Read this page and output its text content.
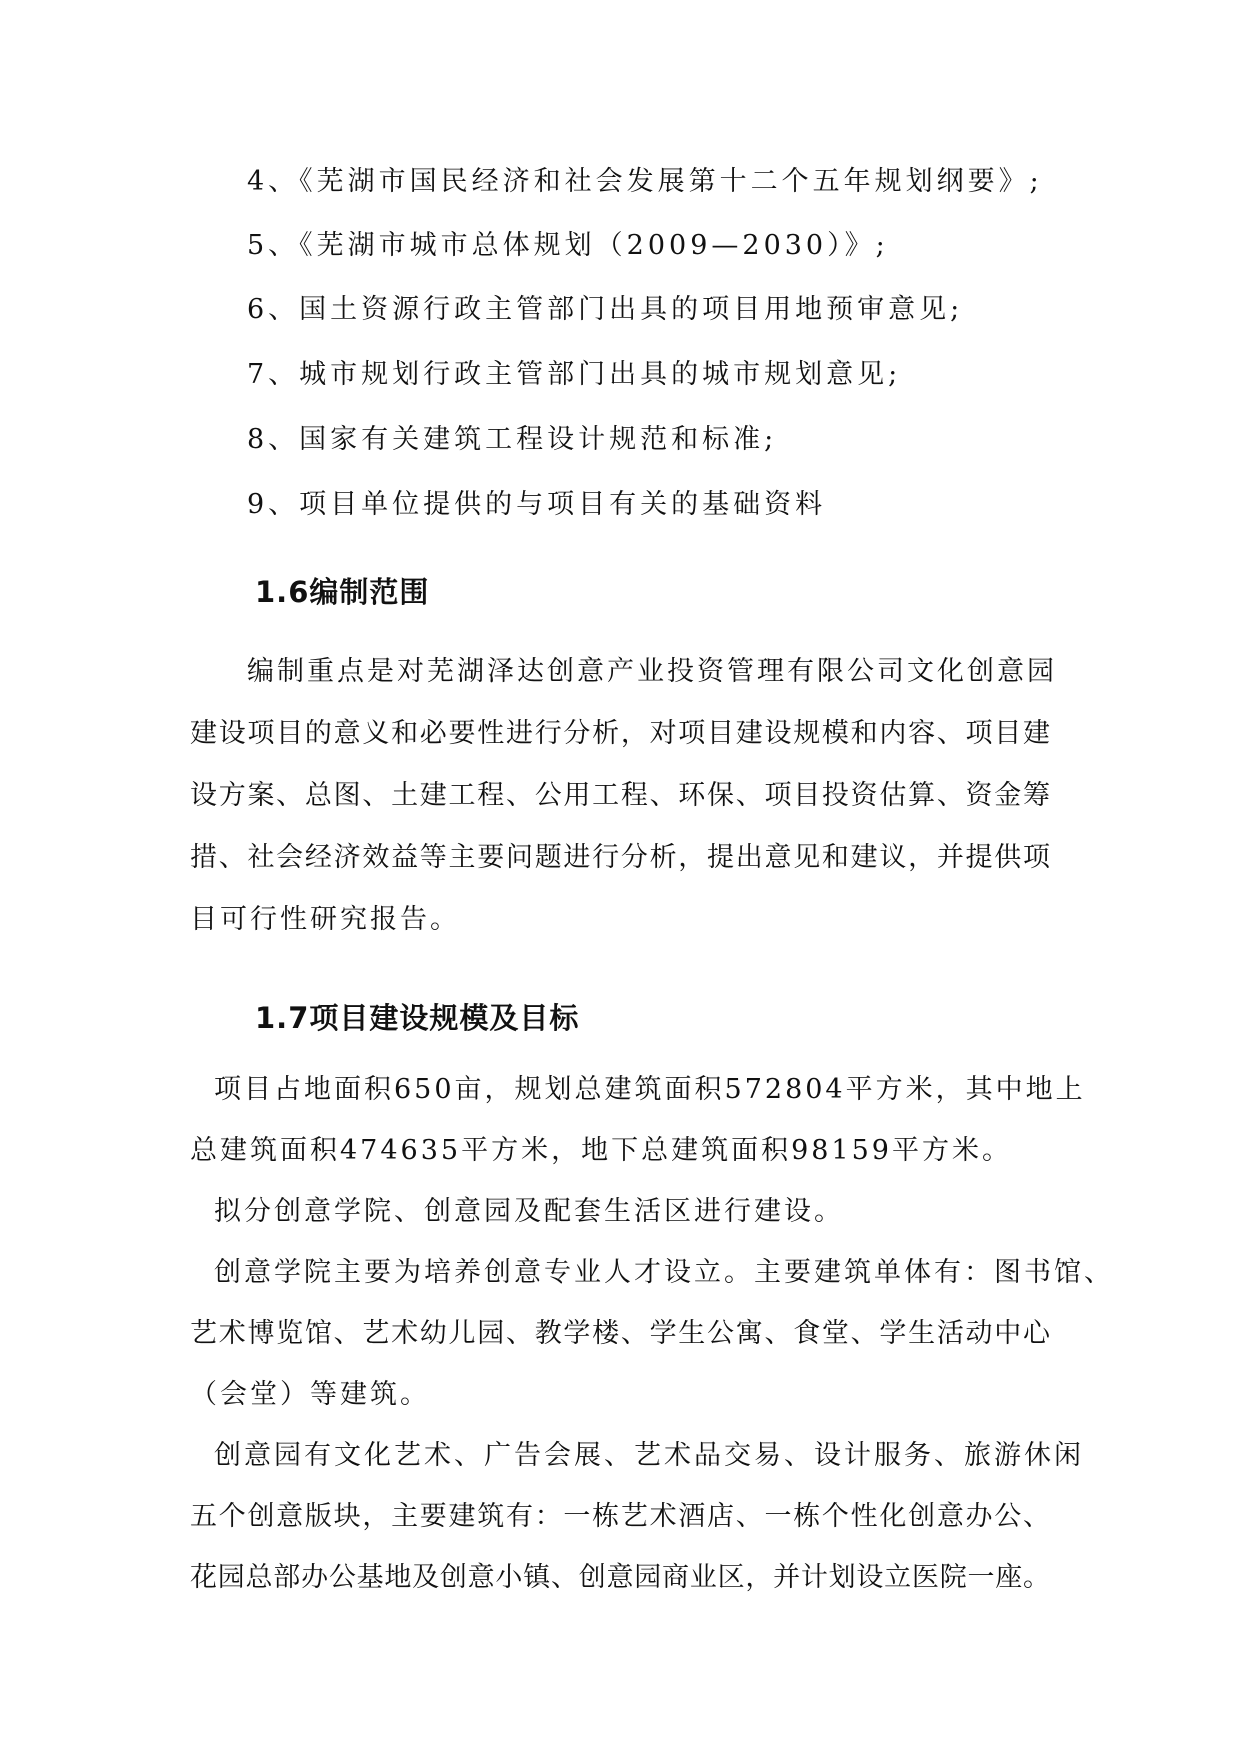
4、《芜湖市国民经济和社会发展第十二个五年规划纲要》;
5、《芜湖市城市总体规划（2009—2030）》;
6、国土资源行政主管部门出具的项目用地预审意见;
7、城市规划行政主管部门出具的城市规划意见;
8、国家有关建筑工程设计规范和标准;
9、项目单位提供的与项目有关的基础资料
1.6编制范围
编制重点是对芜湖泽达创意产业投资管理有限公司文化创意园
建设项目的意义和必要性进行分析，对项目建设规模和内容、项目建
设方案、总图、土建工程、公用工程、环保、项目投资估算、资金筹
措、社会经济效益等主要问题进行分析，提出意见和建议，并提供项
目可行性研究报告。
1.7项目建设规模及目标
项目占地面积650亩，规划总建筑面积572804平方米，其中地上
总建筑面积474635平方米，地下总建筑面积98159平方米。
拟分创意学院、创意园及配套生活区进行建设。
创意学院主要为培养创意专业人才设立。主要建筑单体有：图书馆、
艺术博览馆、艺术幼儿园、教学楼、学生公寓、食堂、学生活动中心
（会堂）等建筑。
创意园有文化艺术、广告会展、艺术品交易、设计服务、旅游休闲
五个创意版块，主要建筑有：一栋艺术酒店、一栋个性化创意办公、
花园总部办公基地及创意小镇、创意园商业区，并计划设立医院一座。
